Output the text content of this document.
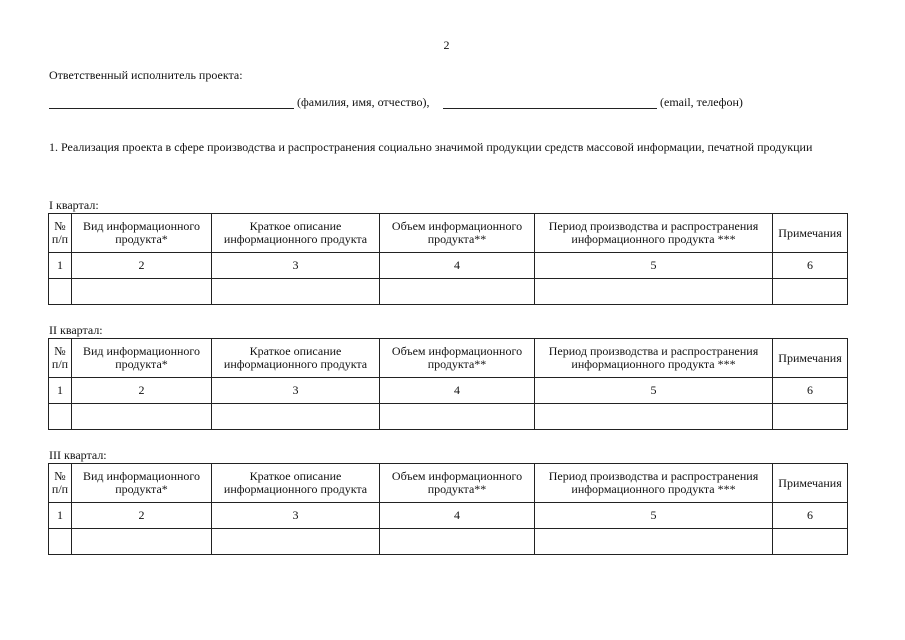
2
Ответственный исполнитель проекта:
(фамилия, имя, отчество),	(email, телефон)
1. Реализация проекта в сфере производства и распространения социально значимой продукции средств массовой информации, печатной продукции
I квартал:
№ п/п	Вид информационного продукта*	Краткое описание информационного продукта	Объем информационного продукта**	Период производства и распространения информационного продукта ***	Примечания
1	2	3	4	5	6

II квартал:
№ п/п	Вид информационного продукта*	Краткое описание информационного продукта	Объем информационного продукта**	Период производства и распространения информационного продукта ***	Примечания
1	2	3	4	5	6

III квартал:
№ п/п	Вид информационного продукта*	Краткое описание информационного продукта	Объем информационного продукта**	Период производства и распространения информационного продукта ***	Примечания
1	2	3	4	5	6
